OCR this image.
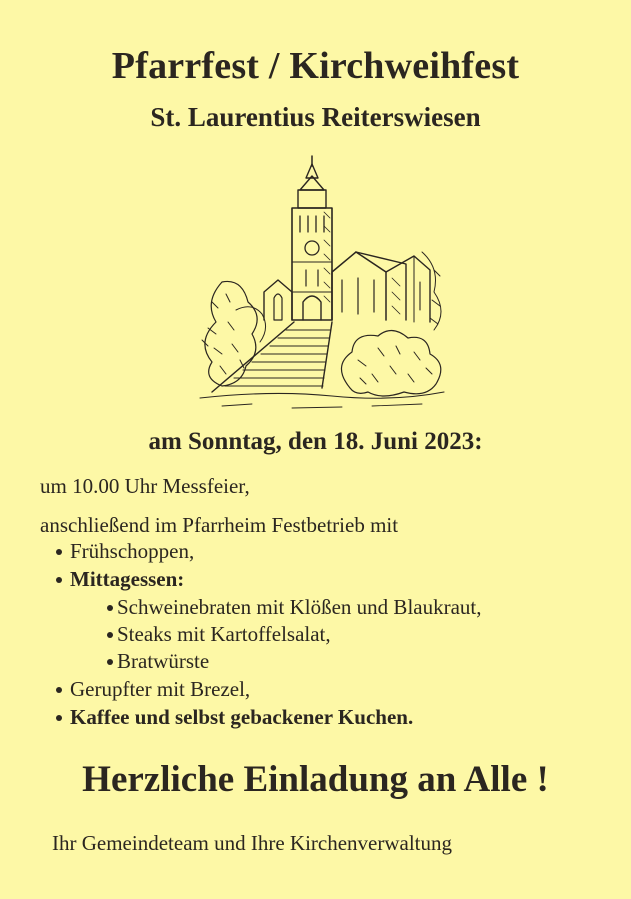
Pfarrfest / Kirchweihfest
St. Laurentius Reiterswiesen
am Sonntag, den 18. Juni 2023:
um 10.00 Uhr Messfeier,
anschließend im Pfarrheim Festbetrieb mit
Frühschoppen,
Mittagessen:
Schweinebraten mit Klößen und Blaukraut,
Steaks mit Kartoffelsalat,
Bratwürste
Gerupfter mit Brezel,
Kaffee und selbst gebackener Kuchen.
Herzliche Einladung an Alle !
Ihr Gemeindeteam und Ihre Kirchenverwaltung
